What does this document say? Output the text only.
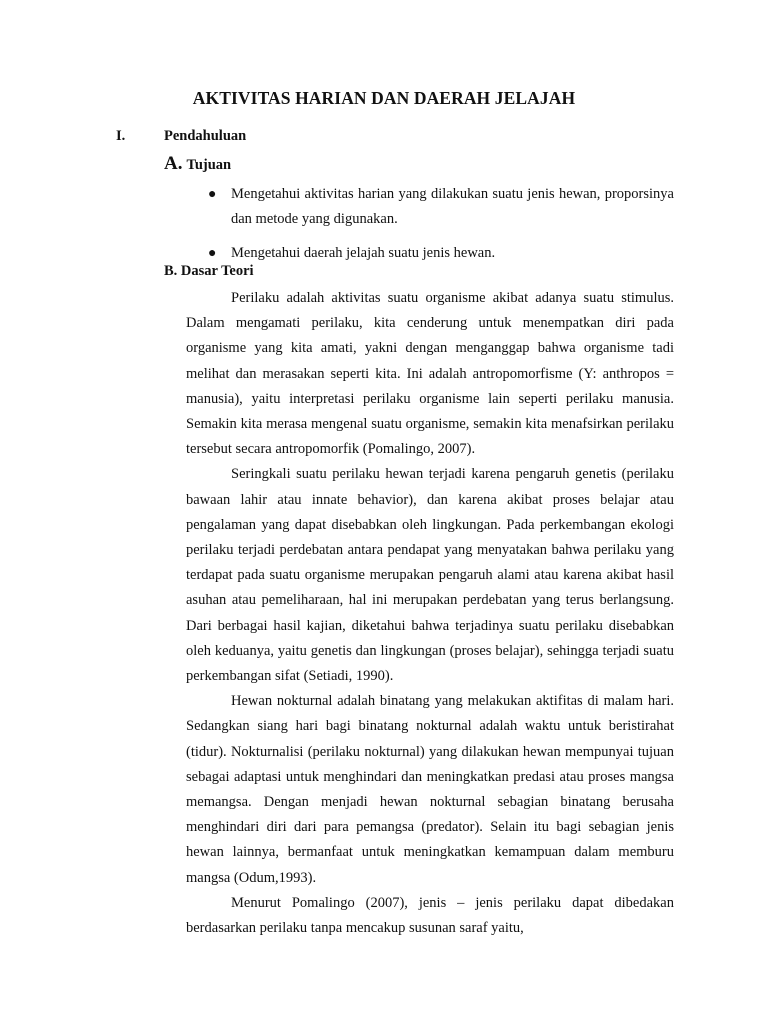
AKTIVITAS HARIAN DAN DAERAH JELAJAH
I.	Pendahuluan
A. Tujuan
● Mengetahui aktivitas harian yang dilakukan suatu jenis hewan, proporsinya dan metode yang digunakan.
● Mengetahui daerah jelajah suatu jenis hewan.
B. Dasar Teori

Perilaku adalah aktivitas suatu organisme akibat adanya suatu stimulus. Dalam mengamati perilaku, kita cenderung untuk menempatkan diri pada organisme yang kita amati, yakni dengan menganggap bahwa organisme tadi melihat dan merasakan seperti kita. Ini adalah antropomorfisme (Y: anthropos = manusia), yaitu interpretasi perilaku organisme lain seperti perilaku manusia. Semakin kita merasa mengenal suatu organisme, semakin kita menafsirkan perilaku tersebut secara antropomorfik (Pomalingo, 2007).

Seringkali suatu perilaku hewan terjadi karena pengaruh genetis (perilaku bawaan lahir atau innate behavior), dan karena akibat proses belajar atau pengalaman yang dapat disebabkan oleh lingkungan. Pada perkembangan ekologi perilaku terjadi perdebatan antara pendapat yang menyatakan bahwa perilaku yang terdapat pada suatu organisme merupakan pengaruh alami atau karena akibat hasil asuhan atau pemeliharaan, hal ini merupakan perdebatan yang terus berlangsung. Dari berbagai hasil kajian, diketahui bahwa terjadinya suatu perilaku disebabkan oleh keduanya, yaitu genetis dan lingkungan (proses belajar), sehingga terjadi suatu perkembangan sifat (Setiadi, 1990).

Hewan nokturnal adalah binatang yang melakukan aktifitas di malam hari. Sedangkan siang hari bagi binatang nokturnal adalah waktu untuk beristirahat (tidur). Nokturnalisi (perilaku nokturnal) yang dilakukan hewan mempunyai tujuan sebagai adaptasi untuk menghindari dan meningkatkan predasi atau proses mangsa memangsa. Dengan menjadi hewan nokturnal sebagian binatang berusaha menghindari diri dari para pemangsa (predator). Selain itu bagi sebagian jenis hewan lainnya, bermanfaat untuk meningkatkan kemampuan dalam memburu mangsa (Odum,1993).

Menurut Pomalingo (2007), jenis – jenis perilaku dapat dibedakan berdasarkan perilaku tanpa mencakup susunan saraf yaitu,
